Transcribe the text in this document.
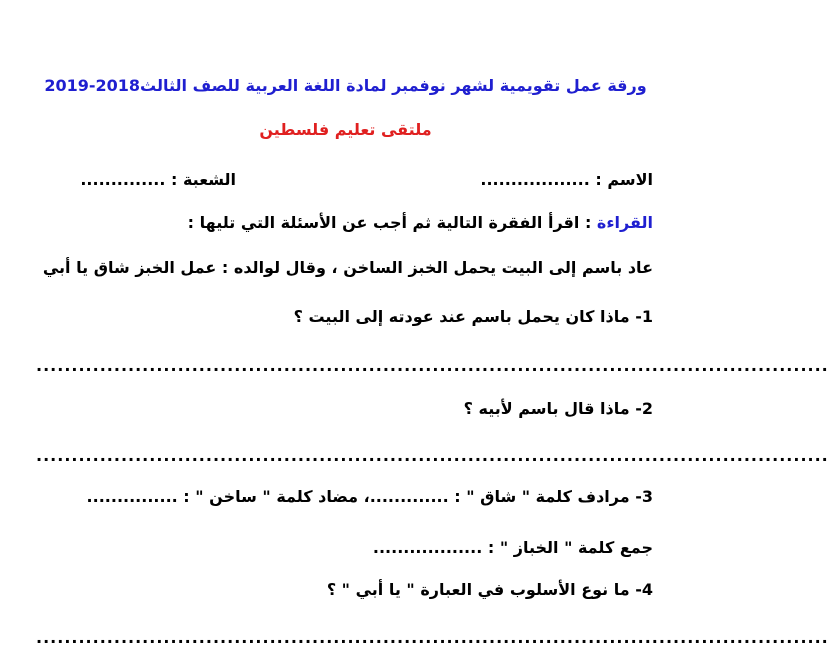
ورقة عمل تقويمية لشهر نوفمبر لمادة اللغة العربية للصف الثالث2018-2019
ملتقى تعليم فلسطين
الاسم : ..................
الشعبة : ..............
القراءة : اقرأ الفقرة التالية ثم أجب عن الأسئلة التي تليها :
عاد باسم إلى البيت يحمل الخبز الساخن ، وقال لوالده : عمل الخبز شاق يا أبي
1- ماذا كان يحمل باسم عند عودته إلى البيت ؟
................................................................................................................
2- ماذا قال باسم لأبيه ؟
................................................................................................................
3- مرادف كلمة " شاق " : .............، مضاد كلمة " ساخن " : ...............
جمع كلمة " الخباز " : ..................
4- ما نوع الأسلوب في العبارة " يا أبي " ؟
................................................................................................................
